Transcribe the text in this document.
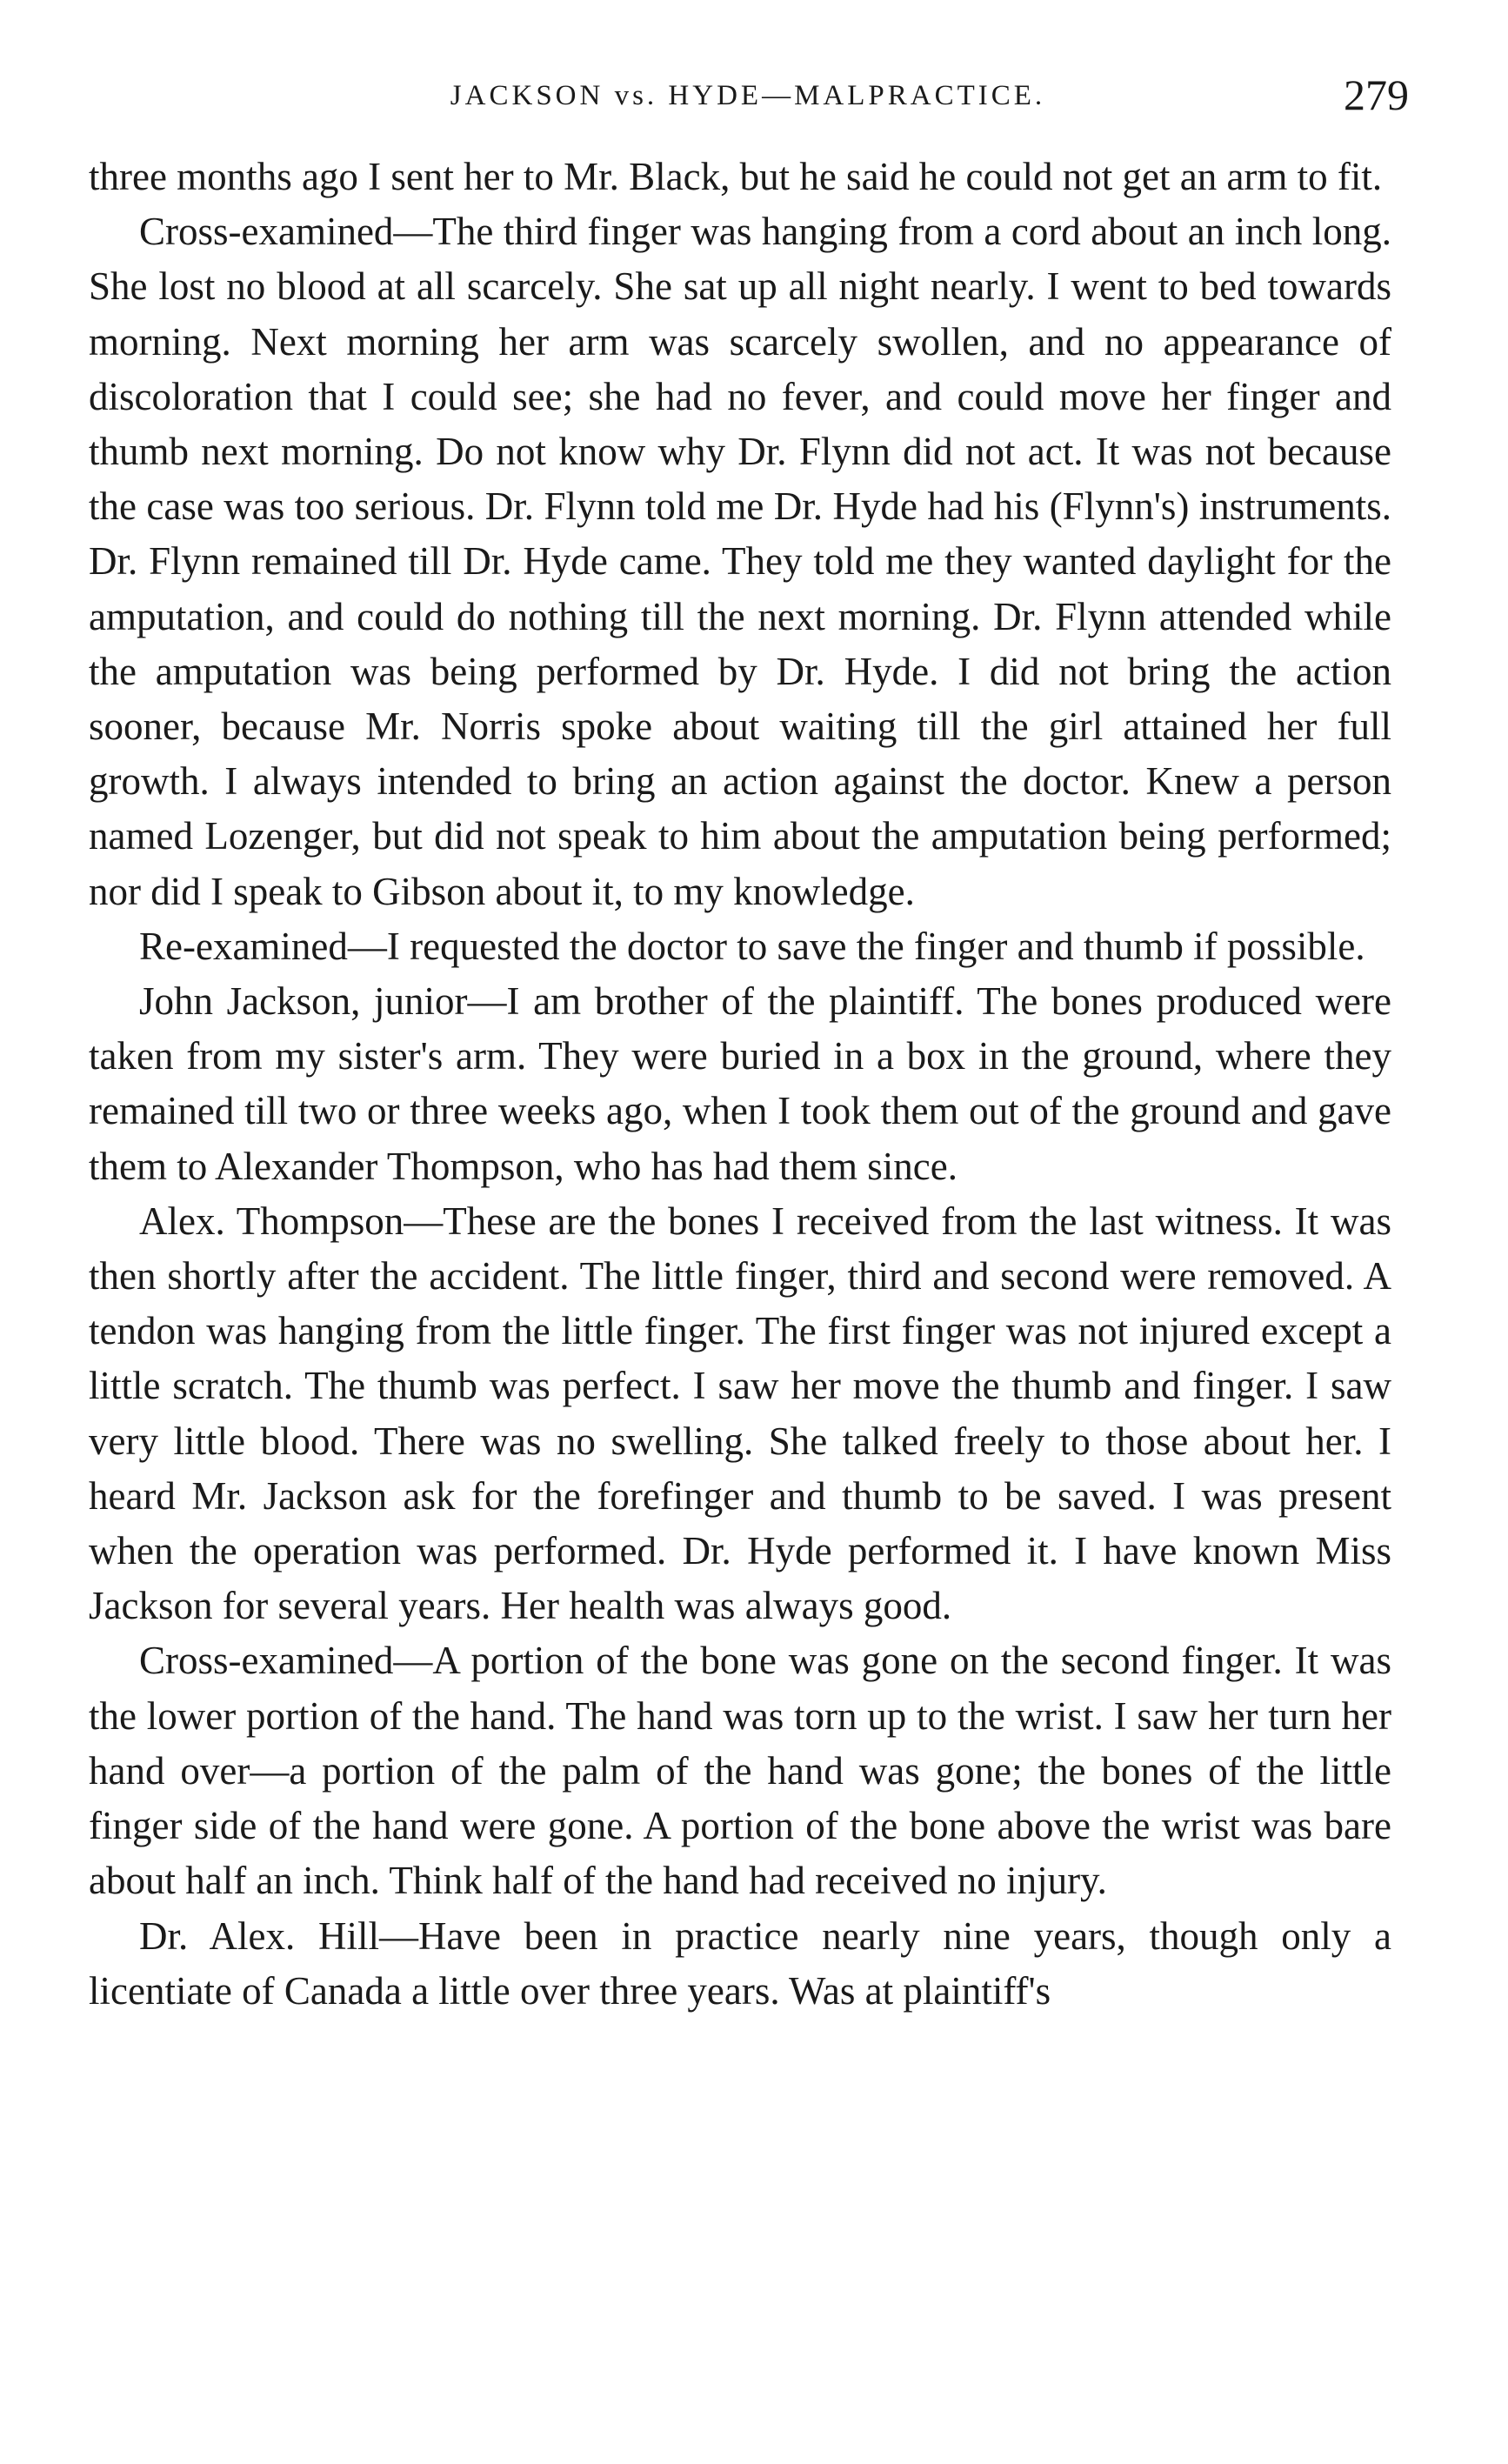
JACKSON vs. HYDE—MALPRACTICE.	279

three months ago I sent her to Mr. Black, but he said he could not get an arm to fit.

Cross-examined—The third finger was hanging from a cord about an inch long. She lost no blood at all scarcely. She sat up all night nearly. I went to bed towards morning. Next morning her arm was scarcely swollen, and no appearance of discoloration that I could see; she had no fever, and could move her finger and thumb next morning. Do not know why Dr. Flynn did not act. It was not because the case was too serious. Dr. Flynn told me Dr. Hyde had his (Flynn's) instruments. Dr. Flynn remained till Dr. Hyde came. They told me they wanted daylight for the amputation, and could do nothing till the next morning. Dr. Flynn attended while the amputation was being performed by Dr. Hyde. I did not bring the action sooner, because Mr. Norris spoke about waiting till the girl attained her full growth. I always intended to bring an action against the doctor. Knew a person named Lozenger, but did not speak to him about the amputation being performed; nor did I speak to Gibson about it, to my knowledge.

Re-examined—I requested the doctor to save the finger and thumb if possible.

John Jackson, junior—I am brother of the plaintiff. The bones produced were taken from my sister's arm. They were buried in a box in the ground, where they remained till two or three weeks ago, when I took them out of the ground and gave them to Alexander Thompson, who has had them since.

Alex. Thompson—These are the bones I received from the last witness. It was then shortly after the accident. The little finger, third and second were removed. A tendon was hanging from the little finger. The first finger was not injured except a little scratch. The thumb was perfect. I saw her move the thumb and finger. I saw very little blood. There was no swelling. She talked freely to those about her. I heard Mr. Jackson ask for the forefinger and thumb to be saved. I was present when the operation was performed. Dr. Hyde performed it. I have known Miss Jackson for several years. Her health was always good.

Cross-examined—A portion of the bone was gone on the second finger. It was the lower portion of the hand. The hand was torn up to the wrist. I saw her turn her hand over—a portion of the palm of the hand was gone; the bones of the little finger side of the hand were gone. A portion of the bone above the wrist was bare about half an inch. Think half of the hand had received no injury.

Dr. Alex. Hill—Have been in practice nearly nine years, though only a licentiate of Canada a little over three years. Was at plaintiff's
